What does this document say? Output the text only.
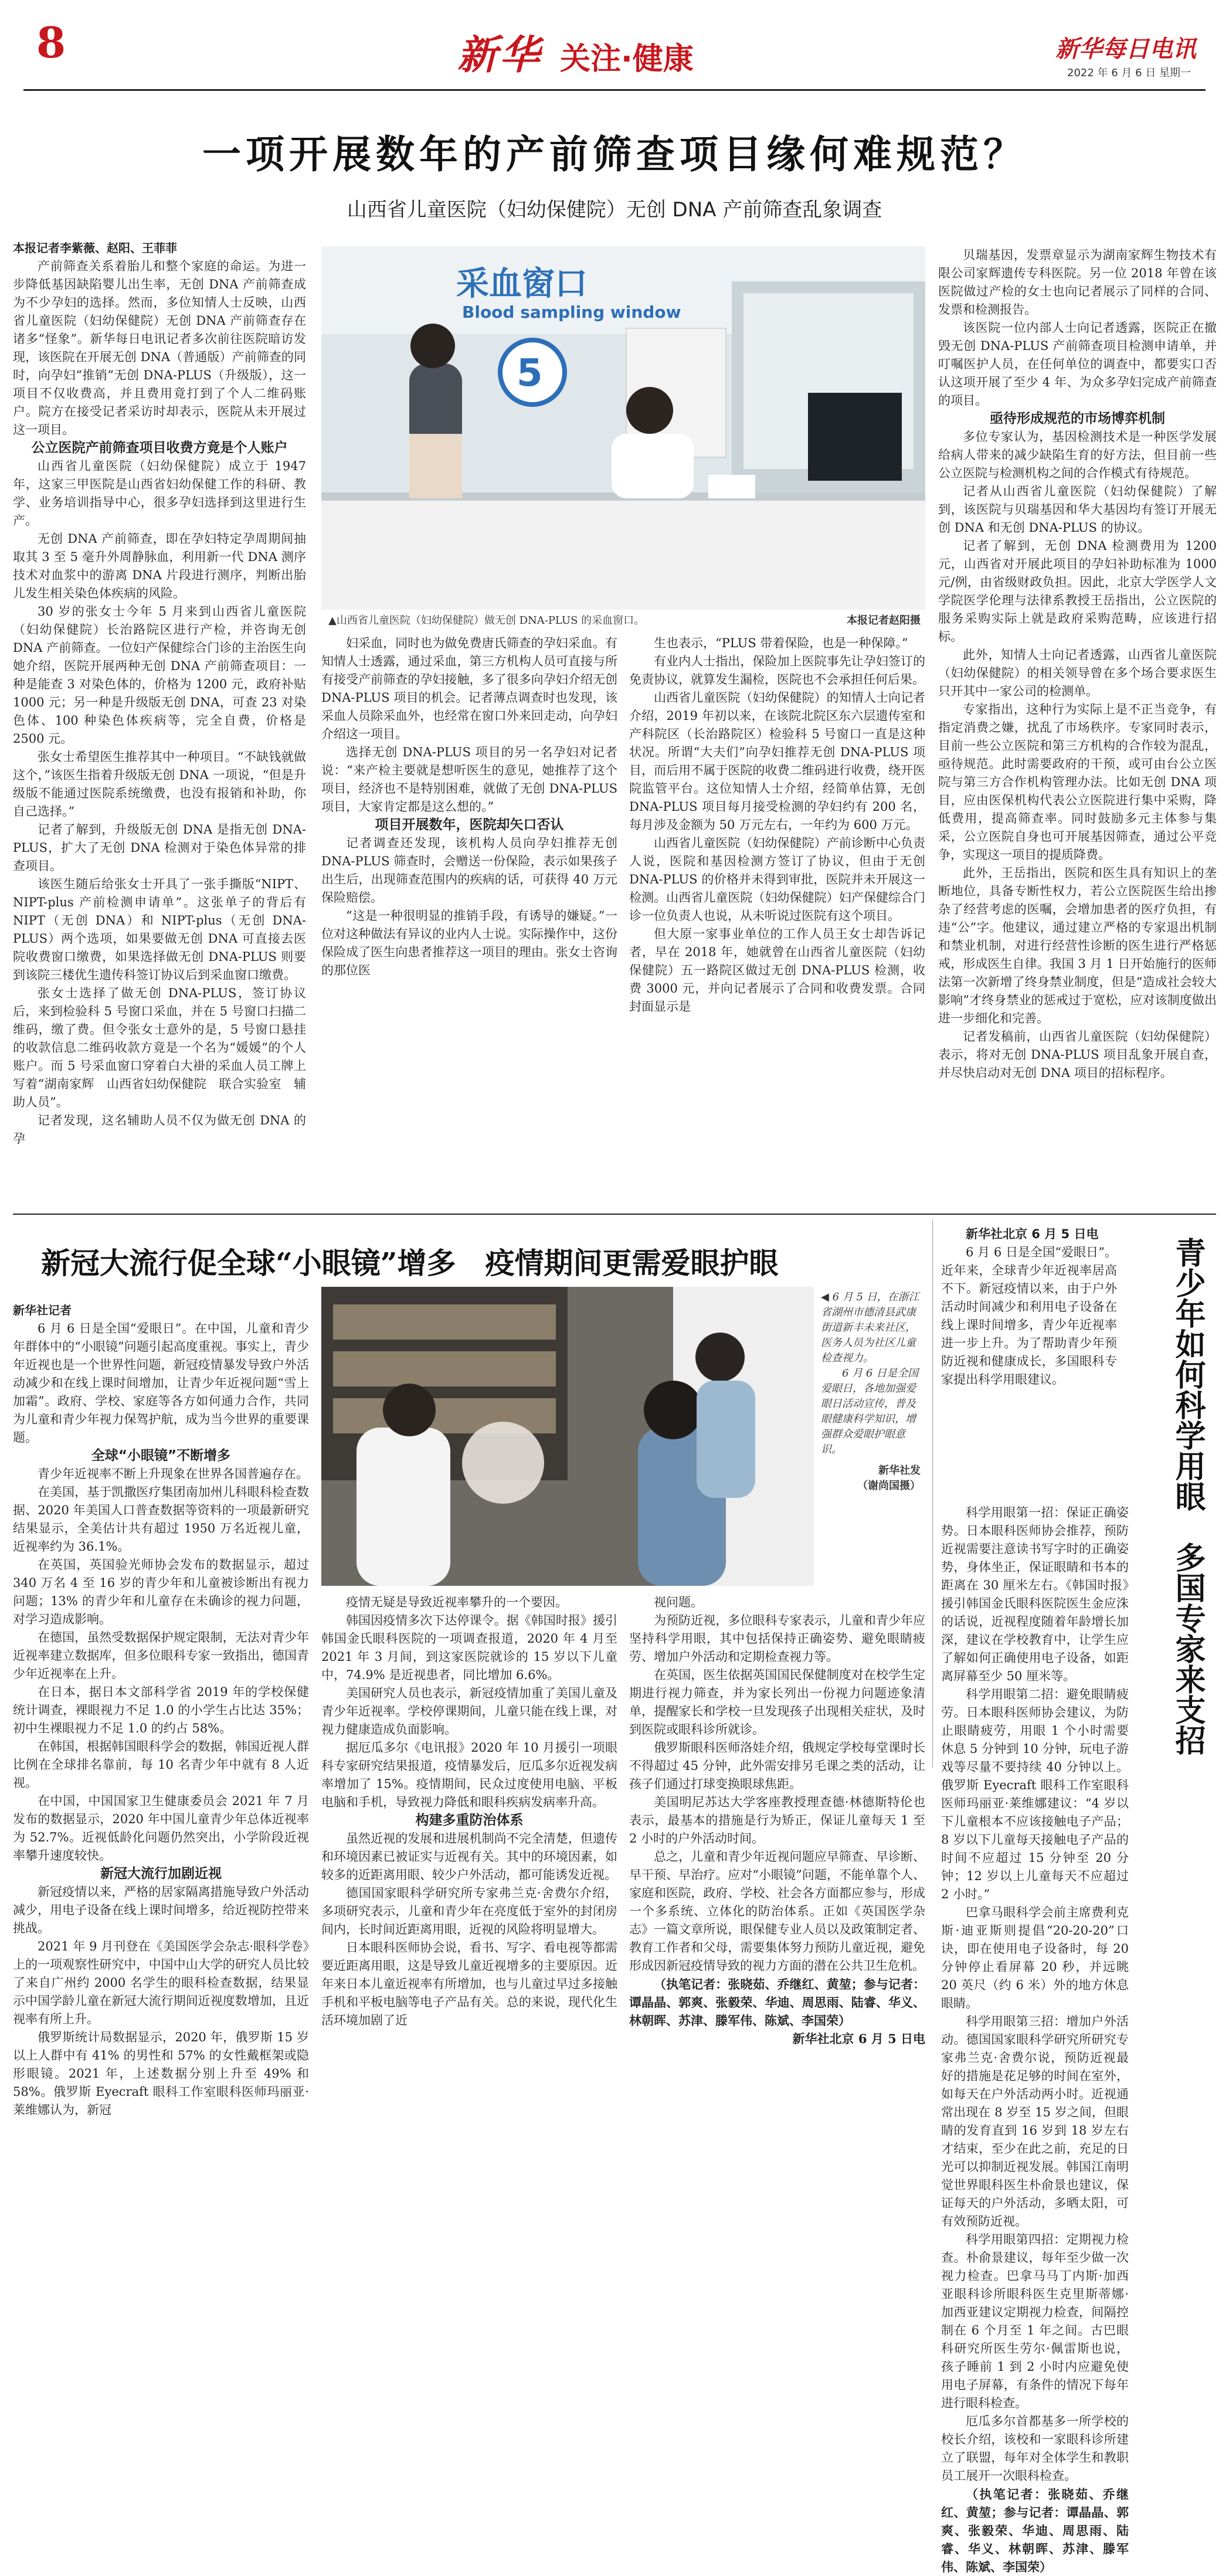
8	新华 关注·健康	新华每日电讯
2022 年 6 月 6 日 星期一
一项开展数年的产前筛查项目缘何难规范？
山西省儿童医院（妇幼保健院）无创 DNA 产前筛查乱象调查

本报记者李紫薇、赵阳、王菲菲

产前筛查关系着胎儿和整个家庭的命运。为进一步降低基因缺陷婴儿出生率，无创 DNA 产前筛查成为不少孕妇的选择。然而，多位知情人士反映，山西省儿童医院（妇幼保健院）无创 DNA 产前筛查存在诸多“怪象”。新华每日电讯记者多次前往医院暗访发现，该医院在开展无创 DNA（普通版）产前筛查的同时，向孕妇“推销”无创 DNA-PLUS（升级版），这一项目不仅收费高，并且费用竟打到了个人二维码账户。院方在接受记者采访时却表示，医院从未开展过这一项目。

公立医院产前筛查项目收费方竟是个人账户

山西省儿童医院（妇幼保健院）成立于 1947 年，这家三甲医院是山西省妇幼保健工作的科研、教学、业务培训指导中心，很多孕妇选择到这里进行生产。

无创 DNA 产前筛查，即在孕妇特定孕周期间抽取其 3 至 5 毫升外周静脉血，利用新一代 DNA 测序技术对血浆中的游离 DNA 片段进行测序，判断出胎儿发生相关染色体疾病的风险。

30 岁的张女士今年 5 月来到山西省儿童医院（妇幼保健院）长治路院区进行产检，并咨询无创 DNA 产前筛查。一位妇产保健综合门诊的主治医生向她介绍，医院开展两种无创 DNA 产前筛查项目：一种是能查 3 对染色体的，价格为 1200 元，政府补贴 1000 元；另一种是升级版无创 DNA，可查 23 对染色体、100 种染色体疾病等，完全自费，价格是 2500 元。

张女士希望医生推荐其中一种项目。“不缺钱就做这个，”该医生指着升级版无创 DNA 一项说，“但是升级版不能通过医院系统缴费，也没有报销和补助，你自己选择。”

记者了解到，升级版无创 DNA 是指无创 DNA-PLUS，扩大了无创 DNA 检测对于染色体异常的排查项目。

该医生随后给张女士开具了一张手撕版“NIPT、NIPT-plus 产前检测申请单”。这张单子的背后有 NIPT（无创 DNA）和 NIPT-plus（无创 DNA-PLUS）两个选项，如果要做无创 DNA 可直接去医院收费窗口缴费，如果选择做无创 DNA-PLUS 则要到该院三楼优生遗传科签订协议后到采血窗口缴费。

张女士选择了做无创 DNA-PLUS，签订协议后，来到检验科 5 号窗口采血，并在 5 号窗口扫描二维码，缴了费。但令张女士意外的是，5 号窗口悬挂的收款信息二维码收款方竟是一个名为“媛媛”的个人账户。而 5 号采血窗口穿着白大褂的采血人员工牌上写着“湖南家辉　山西省妇幼保健院　联合实验室　辅助人员”。

记者发现，这名辅助人员不仅为做无创 DNA 的孕

采血窗口
Blood sampling window
5
▲山西省儿童医院（妇幼保健院）做无创 DNA-PLUS 的采血窗口。	本报记者赵阳摄

妇采血，同时也为做免费唐氏筛查的孕妇采血。有知情人士透露，通过采血，第三方机构人员可直接与所有接受产前筛查的孕妇接触，多了很多向孕妇介绍无创 DNA-PLUS 项目的机会。记者薄点调查时也发现，该采血人员除采血外，也经常在窗口外来回走动，向孕妇介绍这一项目。

选择无创 DNA-PLUS 项目的另一名孕妇对记者说：“来产检主要就是想听医生的意见，她推荐了这个项目，经济也不是特别困难，就做了无创 DNA-PLUS 项目，大家肯定都是这么想的。”

项目开展数年，医院却矢口否认

记者调查还发现，该机构人员向孕妇推荐无创 DNA-PLUS 筛查时，会赠送一份保险，表示如果孩子出生后，出现筛查范围内的疾病的话，可获得 40 万元保险赔偿。

“这是一种很明显的推销手段，有诱导的嫌疑。”一位对这种做法有异议的业内人士说。实际操作中，这份保险成了医生向患者推荐这一项目的理由。张女士咨询的那位医

生也表示，“PLUS 带着保险，也是一种保障。”

有业内人士指出，保险加上医院事先让孕妇签订的免责协议，就算发生漏检，医院也不会承担任何后果。

山西省儿童医院（妇幼保健院）的知情人士向记者介绍，2019 年初以来，在该院北院区东六层遗传室和产科院区（长治路院区）检验科 5 号窗口一直是这种状况。所谓“大夫们”向孕妇推荐无创 DNA-PLUS 项目，而后用不属于医院的收费二维码进行收费，绕开医院监管平台。这位知情人士介绍，经简单估算，无创 DNA-PLUS 项目每月接受检测的孕妇约有 200 名，每月涉及金额为 50 万元左右，一年约为 600 万元。

山西省儿童医院（妇幼保健院）产前诊断中心负责人说，医院和基因检测方签订了协议，但由于无创 DNA-PLUS 的价格并未得到审批，医院并未开展这一检测。山西省儿童医院（妇幼保健院）妇产保健综合门诊一位负责人也说，从未听说过医院有这个项目。

但大原一家事业单位的工作人员王女士却告诉记者，早在 2018 年，她就曾在山西省儿童医院（妇幼保健院）五一路院区做过无创 DNA-PLUS 检测，收费 3000 元，并向记者展示了合同和收费发票。合同封面显示是

贝瑞基因，发票章显示为湖南家辉生物技术有限公司家辉遗传专科医院。另一位 2018 年曾在该医院做过产检的女士也向记者展示了同样的合同、发票和检测报告。

该医院一位内部人士向记者透露，医院正在撤毁无创 DNA-PLUS 产前筛查项目检测申请单，并叮嘱医护人员，在任何单位的调查中，都要实口否认这项开展了至少 4 年、为众多孕妇完成产前筛查的项目。

亟待形成规范的市场博弈机制

多位专家认为，基因检测技术是一种医学发展给病人带来的减少缺陷生育的好方法，但目前一些公立医院与检测机构之间的合作模式有待规范。

记者从山西省儿童医院（妇幼保健院）了解到，该医院与贝瑞基因和华大基因均有签订开展无创 DNA 和无创 DNA-PLUS 的协议。

记者了解到，无创 DNA 检测费用为 1200 元，山西省对开展此项目的孕妇补助标准为 1000 元/例，由省级财政负担。因此，北京大学医学人文学院医学伦理与法律系教授王岳指出，公立医院的服务采购实际上就是政府采购范畴，应该进行招标。

此外，知情人士向记者透露，山西省儿童医院（妇幼保健院）的相关领导曾在多个场合要求医生只开其中一家公司的检测单。

专家指出，这种行为实际上是不正当竞争，有指定消费之嫌，扰乱了市场秩序。专家同时表示，目前一些公立医院和第三方机构的合作较为混乱，亟待规范。此时需要政府的干预，或可由台公立医院与第三方合作机构管理办法。比如无创 DNA 项目，应由医保机构代表公立医院进行集中采购，降低费用，提高筛查率。同时鼓励多元主体参与集采，公立医院自身也可开展基因筛查，通过公平竞争，实现这一项目的提质降费。

此外，王岳指出，医院和医生具有知识上的垄断地位，具备专断性权力，若公立医院医生给出掺杂了经营考虑的医嘱，会增加患者的医疗负担，有违“公”字。他建议，通过建立严格的专家退出机制和禁业机制，对进行经营性诊断的医生进行严格惩戒，形成医生自律。我国 3 月 1 日开始施行的医师法第一次新增了终身禁业制度，但是“造成社会较大影响”才终身禁业的惩戒过于宽松，应对该制度做出进一步细化和完善。

记者发稿前，山西省儿童医院（妇幼保健院）表示，将对无创 DNA-PLUS 项目乱象开展自查，并尽快启动对无创 DNA 项目的招标程序。

新冠大流行促全球“小眼镜”增多　疫情期间更需爱眼护眼

新华社记者

6 月 6 日是全国“爱眼日”。在中国，儿童和青少年群体中的“小眼镜”问题引起高度重视。事实上，青少年近视也是一个世界性问题，新冠疫情暴发导致户外活动减少和在线上课时间增加，让青少年近视问题“雪上加霜”。政府、学校、家庭等各方如何通力合作，共同为儿童和青少年视力保驾护航，成为当今世界的重要课题。

全球“小眼镜”不断增多

青少年近视率不断上升现象在世界各国普遍存在。

在美国，基于凯撒医疗集团南加州儿科眼科检查数据、2020 年美国人口普查数据等资料的一项最新研究结果显示，全美估计共有超过 1950 万名近视儿童，近视率约为 36.1%。

在英国，英国验光师协会发布的数据显示，超过 340 万名 4 至 16 岁的青少年和儿童被诊断出有视力问题；13% 的青少年和儿童存在未确诊的视力问题，对学习造成影响。

在德国，虽然受数据保护规定限制，无法对青少年近视率建立数据库，但多位眼科专家一致指出，德国青少年近视率在上升。

在日本，据日本文部科学省 2019 年的学校保健统计调查，裸眼视力不足 1.0 的小学生占比达 35%；初中生裸眼视力不足 1.0 的约占 58%。

在韩国，根据韩国眼科学会的数据，韩国近视人群比例在全球排名靠前，每 10 名青少年中就有 8 人近视。

在中国，中国国家卫生健康委员会 2021 年 7 月发布的数据显示，2020 年中国儿童青少年总体近视率为 52.7%。近视低龄化问题仍然突出，小学阶段近视率攀升速度较快。

新冠大流行加剧近视

新冠疫情以来，严格的居家隔离措施导致户外活动减少，用电子设备在线上课时间增多，给近视防控带来挑战。

2021 年 9 月刊登在《美国医学会杂志·眼科学卷》上的一项观察性研究中，中国中山大学的研究人员比较了来自广州约 2000 名学生的眼科检查数据，结果显示中国学龄儿童在新冠大流行期间近视度数增加，且近视率有所上升。

俄罗斯统计局数据显示，2020 年，俄罗斯 15 岁以上人群中有 41% 的男性和 57% 的女性戴框架或隐形眼镜。2021 年，上述数据分别上升至 49% 和 58%。俄罗斯 Eyecraft 眼科工作室眼科医师玛丽亚·莱维娜认为，新冠

◀ 6 月 5 日，在浙江省湖州市德清县武康街道新丰未来社区，医务人员为社区儿童检查视力。
6 月 6 日是全国爱眼日，各地加强爱眼日活动宣传，普及眼健康科学知识，增强群众爱眼护眼意识。
新华社发
（谢尚国摄）

疫情无疑是导致近视率攀升的一个要因。

韩国因疫情多次下达停课令。据《韩国时报》援引韩国金氏眼科医院的一项调查报道，2020 年 4 月至 2021 年 3 月间，到这家医院就诊的 15 岁以下儿童中，74.9% 是近视患者，同比增加 6.6%。

美国研究人员也表示，新冠疫情加重了美国儿童及青少年近视率。学校停课期间，儿童只能在线上课，对视力健康造成负面影响。

据厄瓜多尔《电讯报》2020 年 10 月援引一项眼科专家研究结果报道，疫情暴发后，厄瓜多尔近视发病率增加了 15%。疫情期间，民众过度使用电脑、平板电脑和手机，导致视力降低和眼科疾病发病率升高。

构建多重防治体系

虽然近视的发展和进展机制尚不完全清楚，但遗传和环境因素已被证实与近视有关。其中的环境因素，如较多的近距离用眼、较少户外活动，都可能诱发近视。

德国国家眼科学研究所专家弗兰克·舍费尔介绍，多项研究表示，儿童和青少年在亮度低于室外的封闭房间内，长时间近距离用眼，近视的风险将明显增大。

日本眼科医师协会说，看书、写字、看电视等都需要近距离用眼，这是导致儿童近视增多的主要原因。近年来日本儿童近视率有所增加，也与儿童过早过多接触手机和平板电脑等电子产品有关。总的来说，现代化生活环境加剧了近

视问题。

为预防近视，多位眼科专家表示，儿童和青少年应坚持科学用眼，其中包括保持正确姿势、避免眼睛疲劳、增加户外活动和定期检查视力等。

在英国，医生依据英国国民保健制度对在校学生定期进行视力筛查，并为家长列出一份视力问题迹象清单，提醒家长和学校一旦发现孩子出现相关症状，及时到医院或眼科诊所就诊。

俄罗斯眼科医师洛娃介绍，俄规定学校每堂课时长不得超过 45 分钟，此外需安排另毛课之类的活动，让孩子们通过打球变换眼球焦距。

美国明尼苏达大学客座教授理查德·林德斯特伦也表示，最基本的措施是行为矫正，保证儿童每天 1 至 2 小时的户外活动时间。

总之，儿童和青少年近视问题应早筛查、早诊断、早干预、早治疗。应对“小眼镜”问题，不能单靠个人、家庭和医院，政府、学校、社会各方面都应参与，形成一个多系统、立体化的防治体系。正如《英国医学杂志》一篇文章所说，眼保健专业人员以及政策制定者、教育工作者和父母，需要集体努力预防儿童近视，避免形成因新冠疫情导致的视力方面的潜在公共卫生危机。

（执笔记者：张晓茹、乔继红、黄堃；参与记者：谭晶晶、郭爽、张毅荣、华迪、周思雨、陆睿、华义、林朝晖、苏津、滕军伟、陈斌、李国荣）

新华社北京 6 月 5 日电

新华社北京 6 月 5 日电

6 月 6 日是全国“爱眼日”。近年来，全球青少年近视率居高不下。新冠疫情以来，由于户外活动时间减少和利用电子设备在线上课时间增多，青少年近视率进一步上升。为了帮助青少年预防近视和健康成长，多国眼科专家提出科学用眼建议。	青少年如何科学用眼　多国专家来支招

科学用眼第一招：保证正确姿势。日本眼科医师协会推荐，预防近视需要注意读书写字时的正确姿势，身体坐正，保证眼睛和书本的距离在 30 厘米左右。《韩国时报》援引韩国金氏眼科医院医生金应洙的话说，近视程度随着年龄增长加深，建议在学校教育中，让学生应了解如何正确使用电子设备，如距离屏幕至少 50 厘米等。

科学用眼第二招：避免眼睛疲劳。日本眼科医师协会建议，为防止眼睛疲劳，用眼 1 个小时需要休息 5 分钟到 10 分钟，玩电子游戏等尽量不要持续 40 分钟以上。俄罗斯 Eyecraft 眼科工作室眼科医师玛丽亚·莱维娜建议：“4 岁以下儿童根本不应该接触电子产品；8 岁以下儿童每天接触电子产品的时间不应超过 15 分钟至 20 分钟；12 岁以上儿童每天不应超过 2 小时。”

巴拿马眼科学会前主席费利克斯·迪亚斯则提倡“20-20-20”口诀，即在使用电子设备时，每 20 分钟停止看屏幕 20 秒，并远眺 20 英尺（约 6 米）外的地方休息眼睛。

科学用眼第三招：增加户外活动。德国国家眼科学研究所研究专家弗兰克·舍费尔说，预防近视最好的措施是花足够的时间在室外，如每天在户外活动两小时。近视通常出现在 8 岁至 15 岁之间，但眼睛的发育直到 16 岁到 18 岁左右才结束，至少在此之前，充足的日光可以抑制近视发展。韩国江南明觉世界眼科医生朴俞景也建议，保证每天的户外活动，多晒太阳，可有效预防近视。

科学用眼第四招：定期视力检查。朴俞景建议，每年至少做一次视力检查。巴拿马马丁内斯·加西亚眼科诊所眼科医生克里斯蒂娜·加西亚建议定期视力检查，间隔控制在 6 个月至 1 年之间。古巴眼科研究所医生劳尔·佩雷斯也说，孩子睡前 1 到 2 小时内应避免使用电子屏幕，有条件的情况下每年进行眼科检查。

厄瓜多尔首都基多一所学校的校长介绍，该校和一家眼科诊所建立了联盟，每年对全体学生和教职员工展开一次眼科检查。

（执笔记者：张晓茹、乔继红、黄堃；参与记者：谭晶晶、郭爽、张毅荣、华迪、周思雨、陆睿、华义、林朝晖、苏津、滕军伟、陈斌、李国荣）
